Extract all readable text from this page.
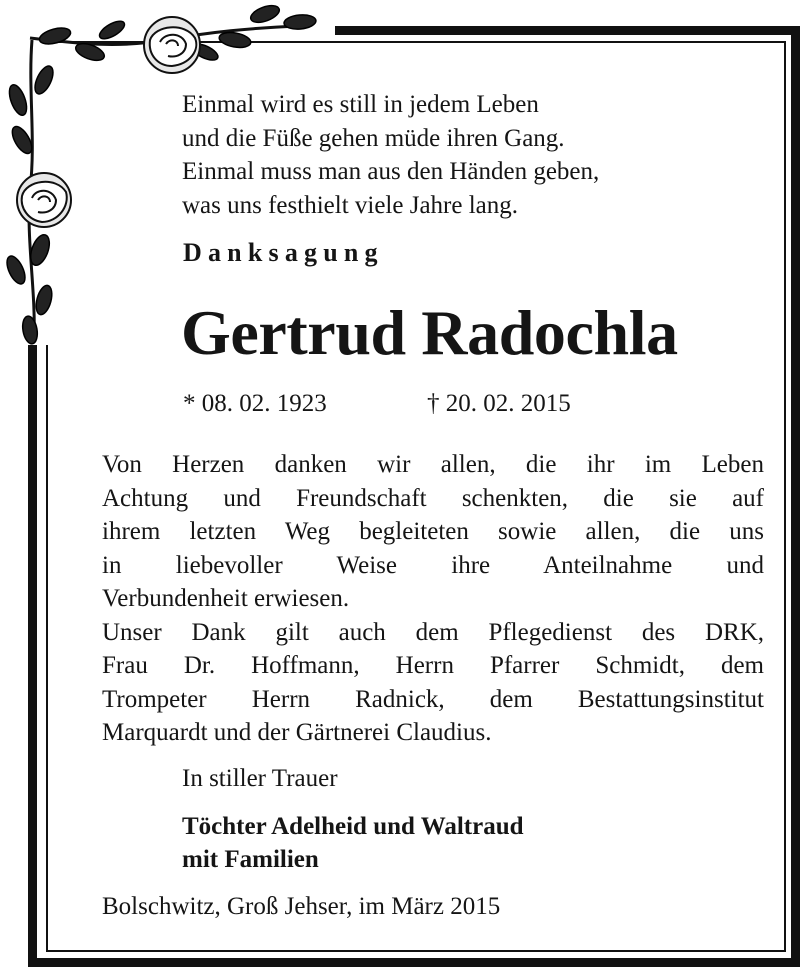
Einmal wird es still in jedem Leben
und die Füße gehen müde ihren Gang.
Einmal muss man aus den Händen geben,
was uns festhielt viele Jahre lang.
Danksagung
Gertrud Radochla
* 08. 02. 1923	† 20. 02. 2015
Von Herzen danken wir allen, die ihr im Leben
Achtung und Freundschaft schenkten, die sie auf
ihrem letzten Weg begleiteten sowie allen, die uns
in liebevoller Weise ihre Anteilnahme und
Verbundenheit erwiesen.
Unser Dank gilt auch dem Pflegedienst des DRK,
Frau Dr. Hoffmann, Herrn Pfarrer Schmidt, dem
Trompeter Herrn Radnick, dem Bestattungsinstitut
Marquardt und der Gärtnerei Claudius.
In stiller Trauer
Töchter Adelheid und Waltraud
mit Familien
Bolschwitz, Groß Jehser, im März 2015
